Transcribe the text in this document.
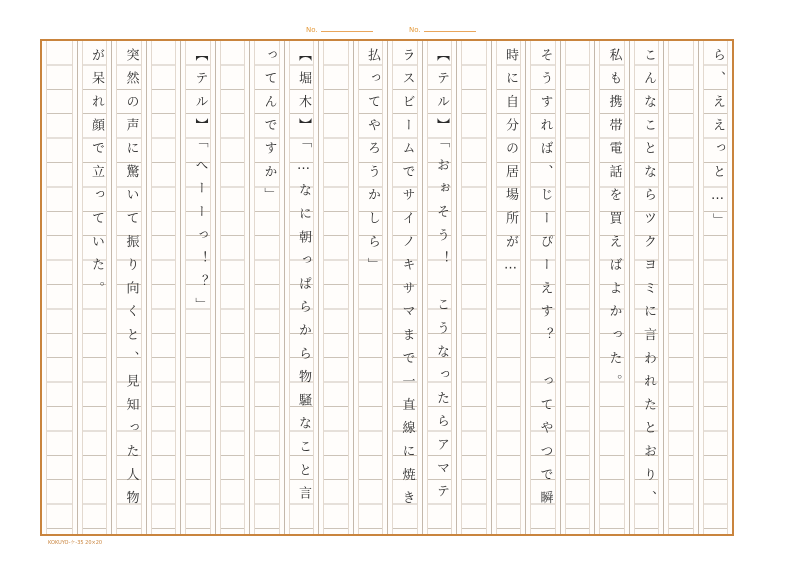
No.	No.
ら、ええっと…」
こんなことならツクヨミに言われたとおり、
私も携帯電話を買えばよかった。
そうすれば、じーぴーえす？　ってやつで瞬
時に自分の居場所が…
【テル】「おぉそう！　こうなったらアマテ
ラスビームでサイノキサマまで一直線に焼き
払ってやろうかしら」
【堀木】「…なに朝っぱらから物騒なこと言
ってんですか」
【テル】「へーーっ！？」
突然の声に驚いて振り向くと、見知った人物
が呆れ顔で立っていた。
KOKUYO-ケ-35 20×20
